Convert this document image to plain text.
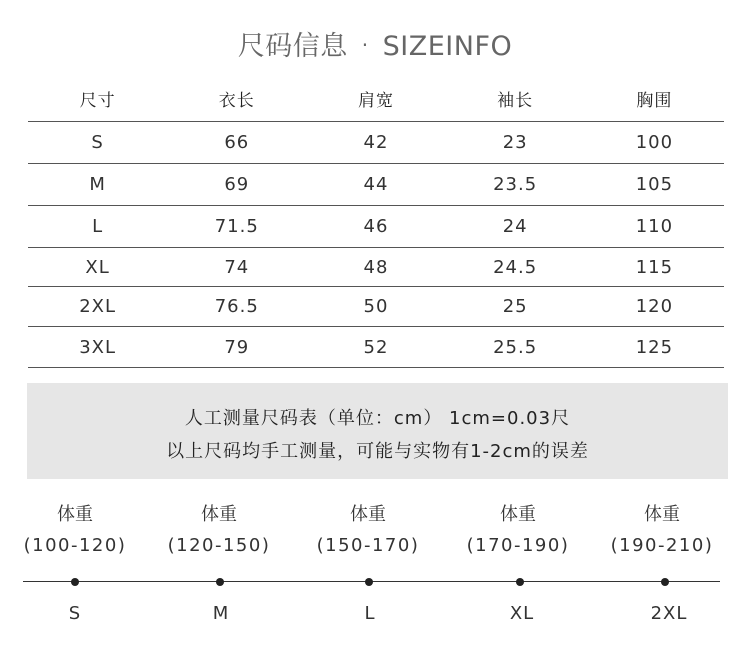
尺码信息 · SIZEINFO
尺寸	衣长	肩宽	袖长	胸围
S	66	42	23	100
M	69	44	23.5	105
L	71.5	46	24	110
XL	74	48	24.5	115
2XL	76.5	50	25	120
3XL	79	52	25.5	125
人工测量尺码表（单位：cm） 1cm=0.03尺
以上尺码均手工测量，可能与实物有1-2cm的误差
体重
(100-120)
S
体重
(120-150)
M
体重
(150-170)
L
体重
(170-190)
XL
体重
(190-210)
2XL
